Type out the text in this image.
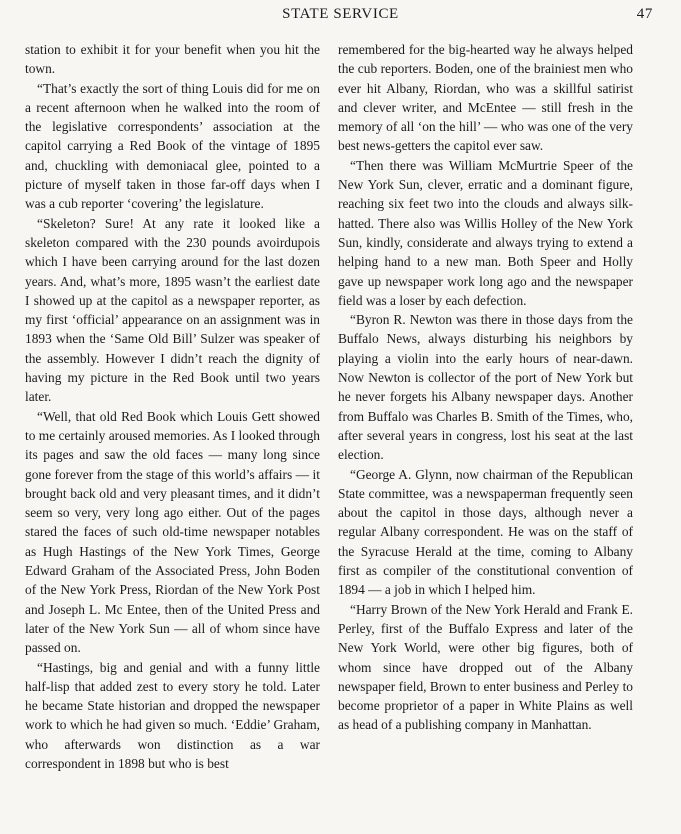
STATE SERVICE	47

station to exhibit it for your benefit when you hit the town.

“That’s exactly the sort of thing Louis did for me on a recent afternoon when he walked into the room of the legislative correspondents’ association at the capitol carrying a Red Book of the vintage of 1895 and, chuckling with demoniacal glee, pointed to a picture of myself taken in those far-off days when I was a cub reporter ‘covering’ the legislature.

“Skeleton? Sure! At any rate it looked like a skeleton compared with the 230 pounds avoirdupois which I have been carrying around for the last dozen years. And, what’s more, 1895 wasn’t the earliest date I showed up at the capitol as a newspaper reporter, as my first ‘official’ appearance on an assignment was in 1893 when the ‘Same Old Bill’ Sulzer was speaker of the assembly. However I didn’t reach the dignity of having my picture in the Red Book until two years later.

“Well, that old Red Book which Louis Gett showed to me certainly aroused memories. As I looked through its pages and saw the old faces — many long since gone forever from the stage of this world’s affairs — it brought back old and very pleasant times, and it didn’t seem so very, very long ago either. Out of the pages stared the faces of such old-time newspaper notables as Hugh Hastings of the New York Times, George Edward Graham of the Associated Press, John Boden of the New York Press, Riordan of the New York Post and Joseph L. Mc Entee, then of the United Press and later of the New York Sun — all of whom since have passed on.

“Hastings, big and genial and with a funny little half-lisp that added zest to every story he told. Later he became State historian and dropped the newspaper work to which he had given so much. ‘Eddie’ Graham, who afterwards won distinction as a war correspondent in 1898 but who is best

remembered for the big-hearted way he always helped the cub reporters. Boden, one of the brainiest men who ever hit Albany, Riordan, who was a skillful satirist and clever writer, and McEntee — still fresh in the memory of all ‘on the hill’ — who was one of the very best news-getters the capitol ever saw.

“Then there was William McMurtrie Speer of the New York Sun, clever, erratic and a dominant figure, reaching six feet two into the clouds and always silk-hatted. There also was Willis Holley of the New York Sun, kindly, considerate and always trying to extend a helping hand to a new man. Both Speer and Holly gave up newspaper work long ago and the newspaper field was a loser by each defection.

“Byron R. Newton was there in those days from the Buffalo News, always disturbing his neighbors by playing a violin into the early hours of near-dawn. Now Newton is collector of the port of New York but he never forgets his Albany newspaper days. Another from Buffalo was Charles B. Smith of the Times, who, after several years in congress, lost his seat at the last election.

“George A. Glynn, now chairman of the Republican State committee, was a newspaperman frequently seen about the capitol in those days, although never a regular Albany correspondent. He was on the staff of the Syracuse Herald at the time, coming to Albany first as compiler of the constitutional convention of 1894 — a job in which I helped him.

“Harry Brown of the New York Herald and Frank E. Perley, first of the Buffalo Express and later of the New York World, were other big figures, both of whom since have dropped out of the Albany newspaper field, Brown to enter business and Perley to become proprietor of a paper in White Plains as well as head of a publishing company in Manhattan.
